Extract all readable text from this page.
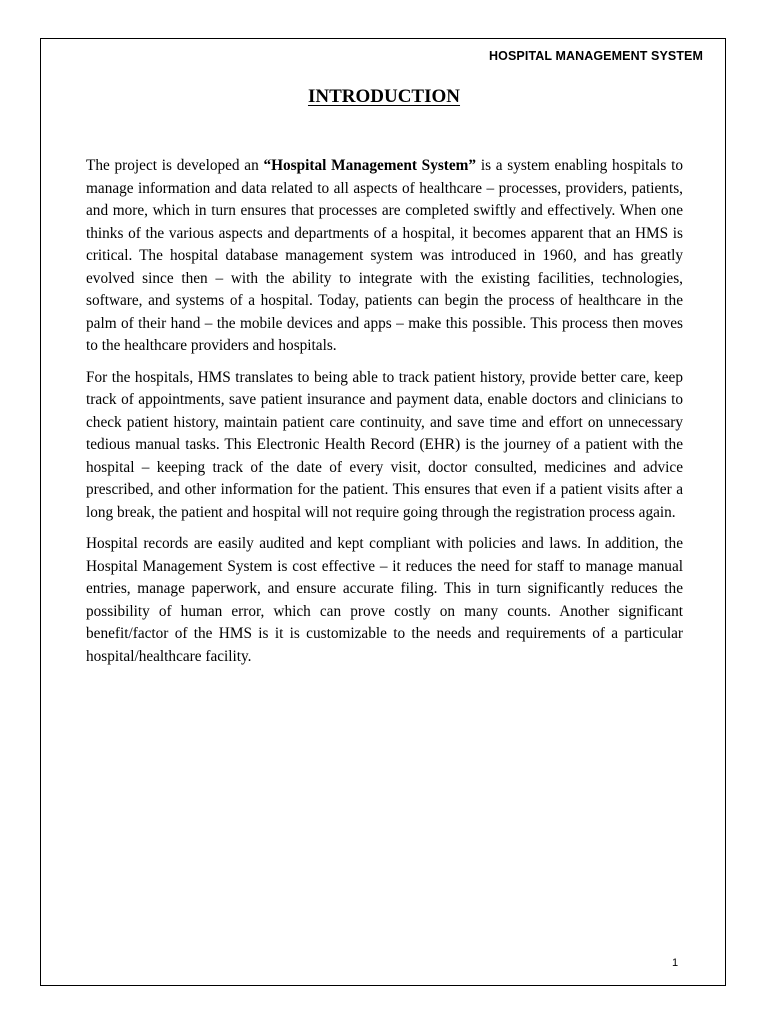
HOSPITAL MANAGEMENT SYSTEM
INTRODUCTION

The project is developed an “Hospital Management System” is a system enabling hospitals to manage information and data related to all aspects of healthcare – processes, providers, patients, and more, which in turn ensures that processes are completed swiftly and effectively. When one thinks of the various aspects and departments of a hospital, it becomes apparent that an HMS is critical. The hospital database management system was introduced in 1960, and has greatly evolved since then – with the ability to integrate with the existing facilities, technologies, software, and systems of a hospital. Today, patients can begin the process of healthcare in the palm of their hand – the mobile devices and apps – make this possible. This process then moves to the healthcare providers and hospitals.

For the hospitals, HMS translates to being able to track patient history, provide better care, keep track of appointments, save patient insurance and payment data, enable doctors and clinicians to check patient history, maintain patient care continuity, and save time and effort on unnecessary tedious manual tasks. This Electronic Health Record (EHR) is the journey of a patient with the hospital – keeping track of the date of every visit, doctor consulted, medicines and advice prescribed, and other information for the patient. This ensures that even if a patient visits after a long break, the patient and hospital will not require going through the registration process again.

Hospital records are easily audited and kept compliant with policies and laws. In addition, the Hospital Management System is cost effective – it reduces the need for staff to manage manual entries, manage paperwork, and ensure accurate filing. This in turn significantly reduces the possibility of human error, which can prove costly on many counts. Another significant benefit/factor of the HMS is it is customizable to the needs and requirements of a particular hospital/healthcare facility.

1
